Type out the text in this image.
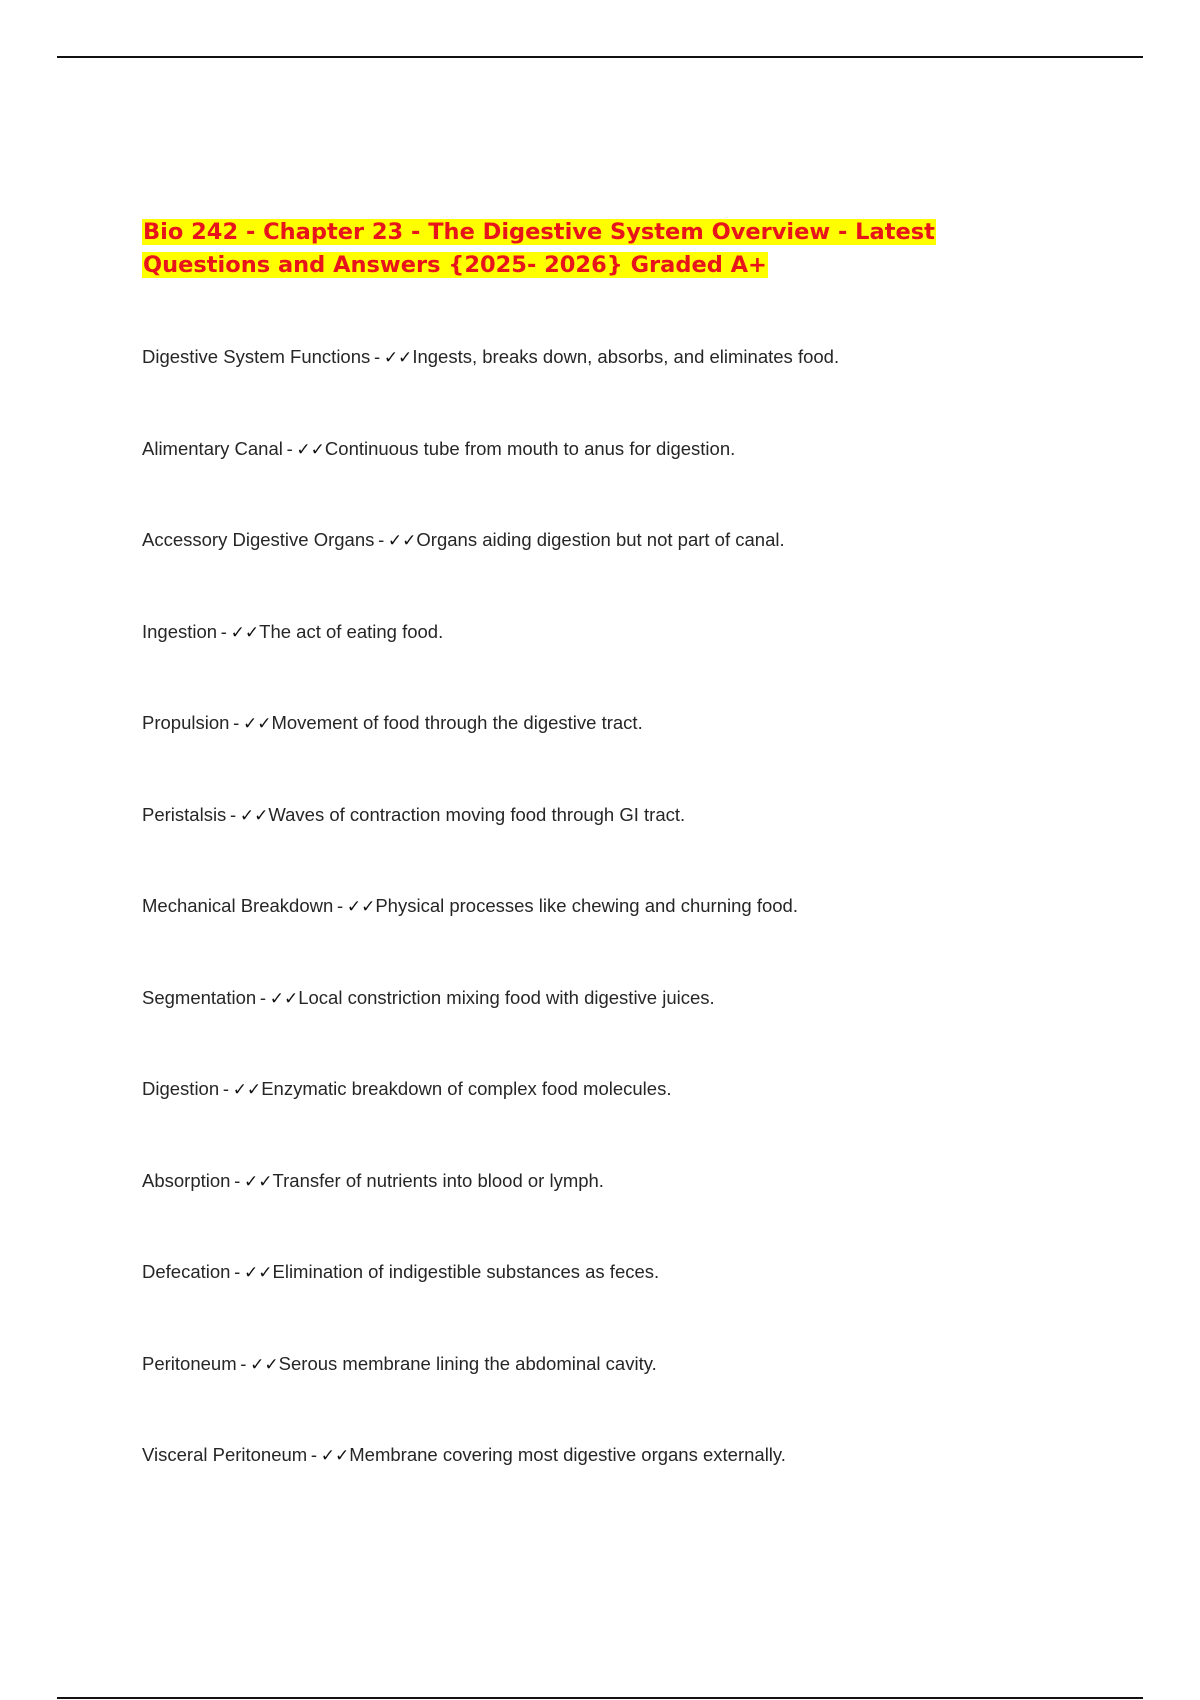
Bio 242 - Chapter 23 - The Digestive System Overview - Latest Questions and Answers {2025- 2026} Graded A+
Digestive System Functions - ✓✓Ingests, breaks down, absorbs, and eliminates food.
Alimentary Canal - ✓✓Continuous tube from mouth to anus for digestion.
Accessory Digestive Organs - ✓✓Organs aiding digestion but not part of canal.
Ingestion - ✓✓The act of eating food.
Propulsion - ✓✓Movement of food through the digestive tract.
Peristalsis - ✓✓Waves of contraction moving food through GI tract.
Mechanical Breakdown - ✓✓Physical processes like chewing and churning food.
Segmentation - ✓✓Local constriction mixing food with digestive juices.
Digestion - ✓✓Enzymatic breakdown of complex food molecules.
Absorption - ✓✓Transfer of nutrients into blood or lymph.
Defecation - ✓✓Elimination of indigestible substances as feces.
Peritoneum - ✓✓Serous membrane lining the abdominal cavity.
Visceral Peritoneum - ✓✓Membrane covering most digestive organs externally.
